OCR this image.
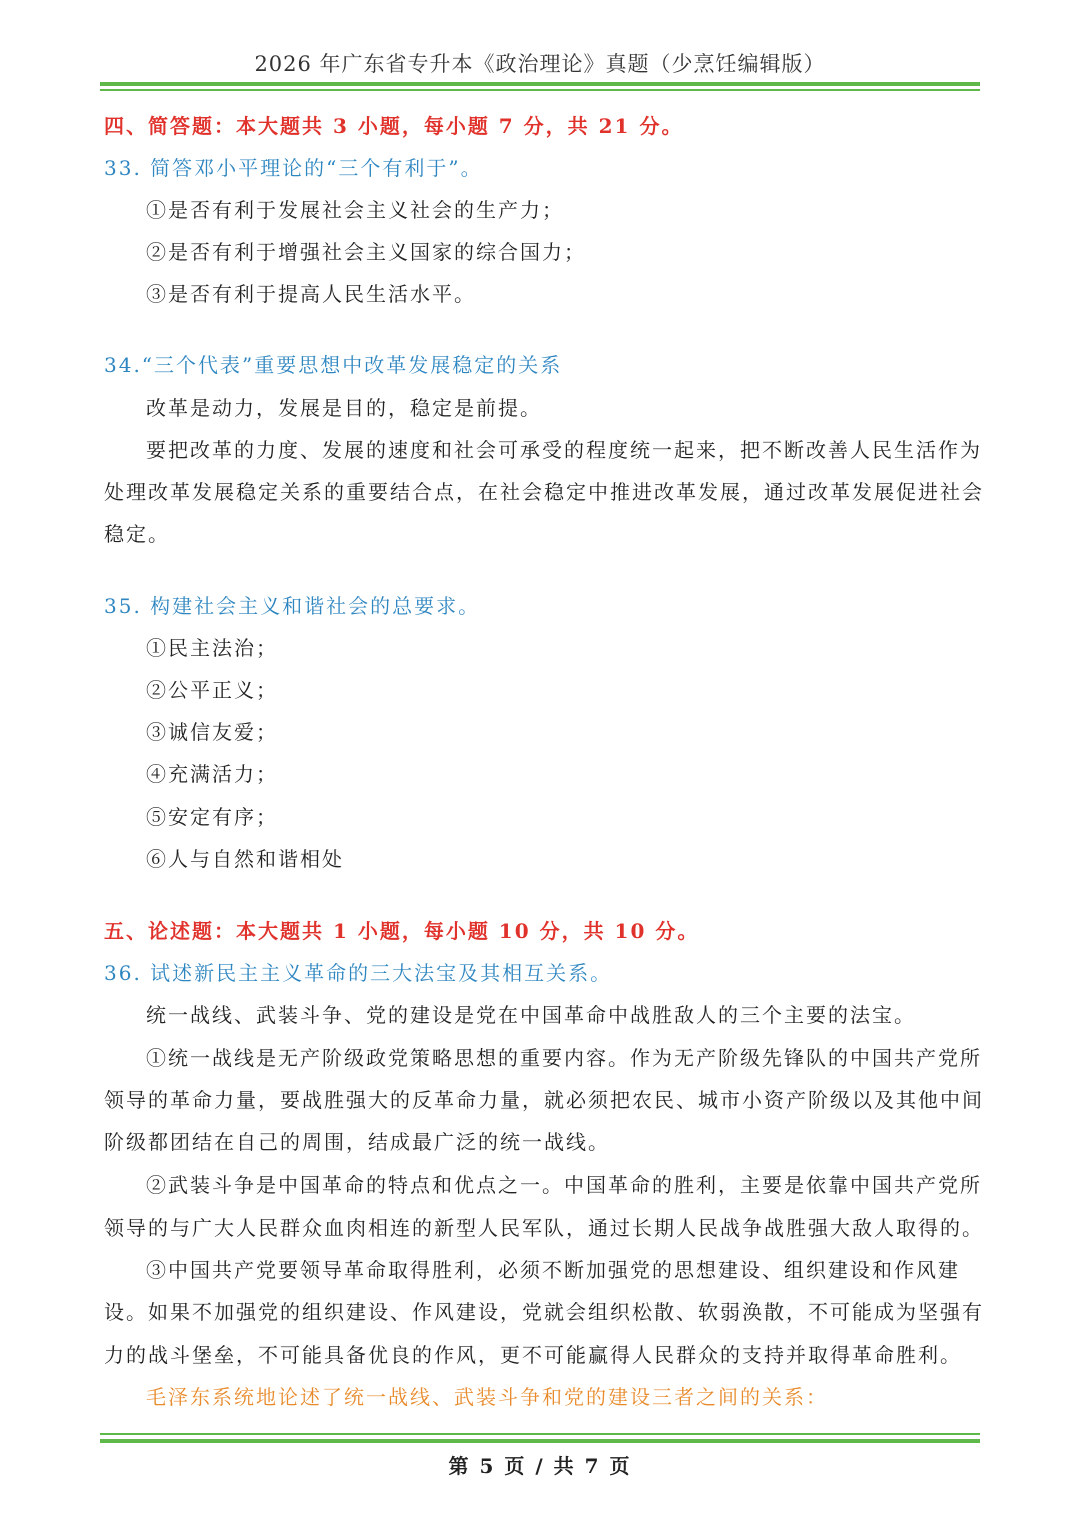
2026 年广东省专升本《政治理论》真题（少烹饪编辑版）
四、简答题：本大题共 3 小题，每小题 7 分，共 21 分。
33. 简答邓小平理论的“三个有利于”。
①是否有利于发展社会主义社会的生产力；
②是否有利于增强社会主义国家的综合国力；
③是否有利于提高人民生活水平。
34.“三个代表”重要思想中改革发展稳定的关系
改革是动力，发展是目的，稳定是前提。
要把改革的力度、发展的速度和社会可承受的程度统一起来，把不断改善人民生活作为
处理改革发展稳定关系的重要结合点，在社会稳定中推进改革发展，通过改革发展促进社会
稳定。
35. 构建社会主义和谐社会的总要求。
①民主法治；
②公平正义；
③诚信友爱；
④充满活力；
⑤安定有序；
⑥人与自然和谐相处
五、论述题：本大题共 1 小题，每小题 10 分，共 10 分。
36. 试述新民主主义革命的三大法宝及其相互关系。
统一战线、武装斗争、党的建设是党在中国革命中战胜敌人的三个主要的法宝。
①统一战线是无产阶级政党策略思想的重要内容。作为无产阶级先锋队的中国共产党所
领导的革命力量，要战胜强大的反革命力量，就必须把农民、城市小资产阶级以及其他中间
阶级都团结在自己的周围，结成最广泛的统一战线。
②武装斗争是中国革命的特点和优点之一。中国革命的胜利，主要是依靠中国共产党所
领导的与广大人民群众血肉相连的新型人民军队，通过长期人民战争战胜强大敌人取得的。
③中国共产党要领导革命取得胜利，必须不断加强党的思想建设、组织建设和作风建
设。如果不加强党的组织建设、作风建设，党就会组织松散、软弱涣散，不可能成为坚强有
力的战斗堡垒，不可能具备优良的作风，更不可能赢得人民群众的支持并取得革命胜利。
毛泽东系统地论述了统一战线、武装斗争和党的建设三者之间的关系：
第 5 页 / 共 7 页
